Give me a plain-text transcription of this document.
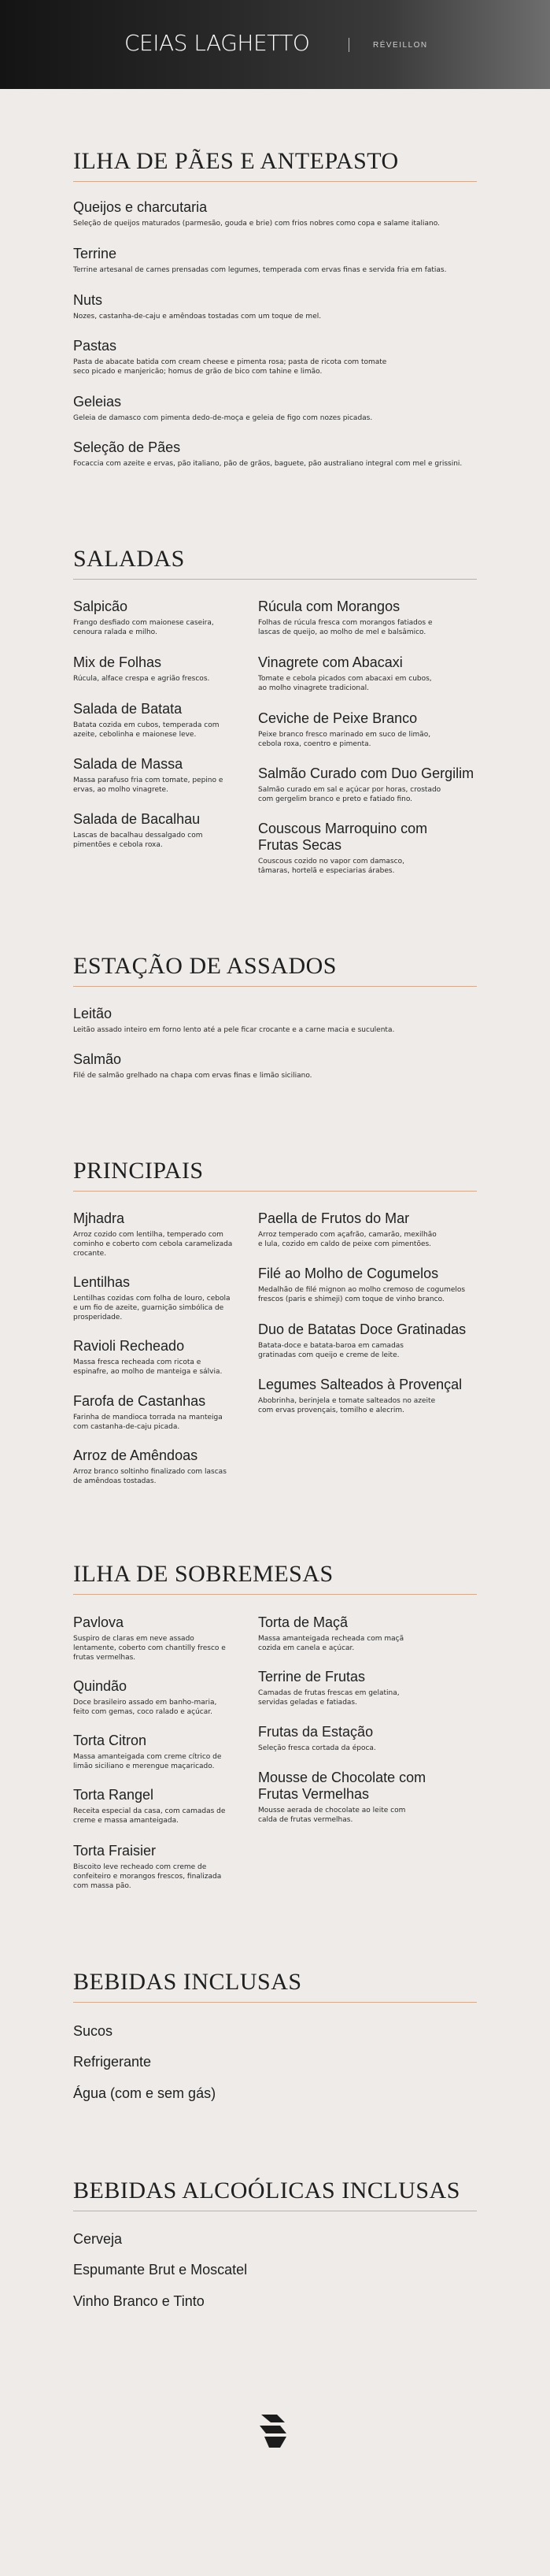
CEIAS LAGHETTO	RÉVEILLON
ILHA DE PÃES E ANTEPASTO
Queijos e charcutaria
Seleção de queijos maturados (parmesão, gouda e brie) com frios nobres como copa e salame italiano.
Terrine
Terrine artesanal de carnes prensadas com legumes, temperada com ervas finas e servida fria em fatias.
Nuts
Nozes, castanha-de-caju e amêndoas tostadas com um toque de mel.
Pastas
Pasta de abacate batida com cream cheese e pimenta rosa; pasta de ricota com tomate seco picado e manjericão; homus de grão de bico com tahine e limão.
Geleias
Geleia de damasco com pimenta dedo-de-moça e geleia de figo com nozes picadas.
Seleção de Pães
Focaccia com azeite e ervas, pão italiano, pão de grãos, baguete, pão australiano integral com mel e grissini.
SALADAS
Salpicão
Frango desfiado com maionese caseira, cenoura ralada e milho.
Mix de Folhas
Rúcula, alface crespa e agrião frescos.
Salada de Batata
Batata cozida em cubos, temperada com azeite, cebolinha e maionese leve.
Salada de Massa
Massa parafuso fria com tomate, pepino e ervas, ao molho vinagrete.
Salada de Bacalhau
Lascas de bacalhau dessalgado com pimentões e cebola roxa.
Rúcula com Morangos
Folhas de rúcula fresca com morangos fatiados e lascas de queijo, ao molho de mel e balsâmico.
Vinagrete com Abacaxi
Tomate e cebola picados com abacaxi em cubos, ao molho vinagrete tradicional.
Ceviche de Peixe Branco
Peixe branco fresco marinado em suco de limão, cebola roxa, coentro e pimenta.
Salmão Curado com Duo Gergilim
Salmão curado em sal e açúcar por horas, crostado com gergelim branco e preto e fatiado fino.
Couscous Marroquino com Frutas Secas
Couscous cozido no vapor com damasco, tâmaras, hortelã e especiarias árabes.
ESTAÇÃO DE ASSADOS
Leitão
Leitão assado inteiro em forno lento até a pele ficar crocante e a carne macia e suculenta.
Salmão
Filé de salmão grelhado na chapa com ervas finas e limão siciliano.
PRINCIPAIS
Mjhadra
Arroz cozido com lentilha, temperado com cominho e coberto com cebola caramelizada crocante.
Lentilhas
Lentilhas cozidas com folha de louro, cebola e um fio de azeite, guarnição simbólica de prosperidade.
Ravioli Recheado
Massa fresca recheada com ricota e espinafre, ao molho de manteiga e sálvia.
Farofa de Castanhas
Farinha de mandioca torrada na manteiga com castanha-de-caju picada.
Arroz de Amêndoas
Arroz branco soltinho finalizado com lascas de amêndoas tostadas.
Paella de Frutos do Mar
Arroz temperado com açafrão, camarão, mexilhão e lula, cozido em caldo de peixe com pimentões.
Filé ao Molho de Cogumelos
Medalhão de filé mignon ao molho cremoso de cogumelos frescos (paris e shimeji) com toque de vinho branco.
Duo de Batatas Doce Gratinadas
Batata-doce e batata-baroa em camadas gratinadas com queijo e creme de leite.
Legumes Salteados à Provençal
Abobrinha, berinjela e tomate salteados no azeite com ervas provençais, tomilho e alecrim.
ILHA DE SOBREMESAS
Pavlova
Suspiro de claras em neve assado lentamente, coberto com chantilly fresco e frutas vermelhas.
Quindão
Doce brasileiro assado em banho-maria, feito com gemas, coco ralado e açúcar.
Torta Citron
Massa amanteigada com creme cítrico de limão siciliano e merengue maçaricado.
Torta Rangel
Receita especial da casa, com camadas de creme e massa amanteigada.
Torta Fraisier
Biscoito leve recheado com creme de confeiteiro e morangos frescos, finalizada com massa pão.
Torta de Maçã
Massa amanteigada recheada com maçã cozida em canela e açúcar.
Terrine de Frutas
Camadas de frutas frescas em gelatina, servidas geladas e fatiadas.
Frutas da Estação
Seleção fresca cortada da época.
Mousse de Chocolate com Frutas Vermelhas
Mousse aerada de chocolate ao leite com calda de frutas vermelhas.
BEBIDAS INCLUSAS
Sucos
Refrigerante
Água (com e sem gás)
BEBIDAS ALCOÓLICAS INCLUSAS
Cerveja
Espumante Brut e Moscatel
Vinho Branco e Tinto
